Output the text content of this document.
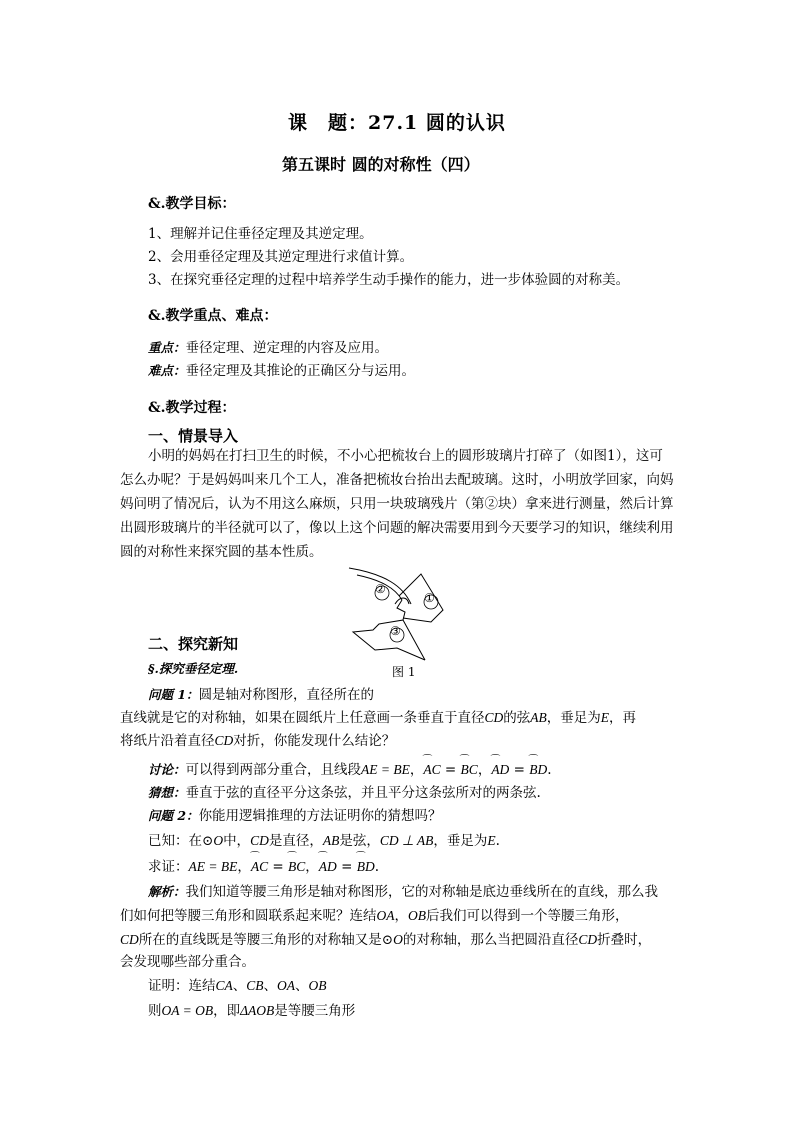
课　题：27.1 圆的认识
第五课时 圆的对称性（四）
&.教学目标：
1、理解并记住垂径定理及其逆定理。
2、会用垂径定理及其逆定理进行求值计算。
3、在探究垂径定理的过程中培养学生动手操作的能力，进一步体验圆的对称美。
&.教学重点、难点：
重点：垂径定理、逆定理的内容及应用。
难点：垂径定理及其推论的正确区分与运用。
&.教学过程：
一、情景导入
小明的妈妈在打扫卫生的时候，不小心把梳妆台上的圆形玻璃片打碎了（如图1），这可怎么办呢？于是妈妈叫来几个工人，准备把梳妆台抬出去配玻璃。这时，小明放学回家，向妈妈问明了情况后，认为不用这么麻烦，只用一块玻璃残片（第②块）拿来进行测量，然后计算出圆形玻璃片的半径就可以了，像以上这个问题的解决需要用到今天要学习的知识，继续利用圆的对称性来探究圆的基本性质。
②
①
③
图 1
二、探究新知
§.探究垂径定理.
问题 1：圆是轴对称图形，直径所在的
直线就是它的对称轴，如果在圆纸片上任意画一条垂直于直径CD的弦AB，垂足为E，再
将纸片沿着直径CD对折，你能发现什么结论？
讨论：可以得到两部分重合，且线段AE = BE，⌒ AC = ⌒ BC，⌒ AD = ⌒ BD.
猜想：垂直于弦的直径平分这条弦，并且平分这条弦所对的两条弦.
问题 2：你能用逻辑推理的方法证明你的猜想吗？
已知：在⊙O中，CD是直径，AB是弦，CD ⊥ AB，垂足为E.
求证：AE = BE，⌒ AC = ⌒ BC，⌒ AD = ⌒ BD.
解析：我们知道等腰三角形是轴对称图形，它的对称轴是底边垂线所在的直线，那么我
们如何把等腰三角形和圆联系起来呢？连结OA，OB后我们可以得到一个等腰三角形，
CD所在的直线既是等腰三角形的对称轴又是⊙O的对称轴，那么当把圆沿直径CD折叠时，
会发现哪些部分重合。
证明：连结CA、CB、OA、OB
则OA = OB，即ΔAOB是等腰三角形
